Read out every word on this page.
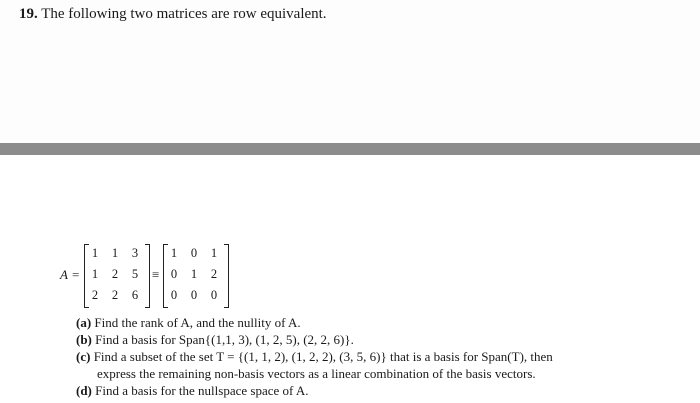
19. The following two matrices are row equivalent.
A =
1	1	3
1	2	5
2	2	6
≡
1	0	1
0	1	2
0	0	0
(a) Find the rank of A, and the nullity of A.
(b) Find a basis for Span{(1,1, 3), (1, 2, 5), (2, 2, 6)}.
(c) Find a subset of the set T = {(1, 1, 2), (1, 2, 2), (3, 5, 6)} that is a basis for Span(T), then
express the remaining non-basis vectors as a linear combination of the basis vectors.
(d) Find a basis for the nullspace space of A.
